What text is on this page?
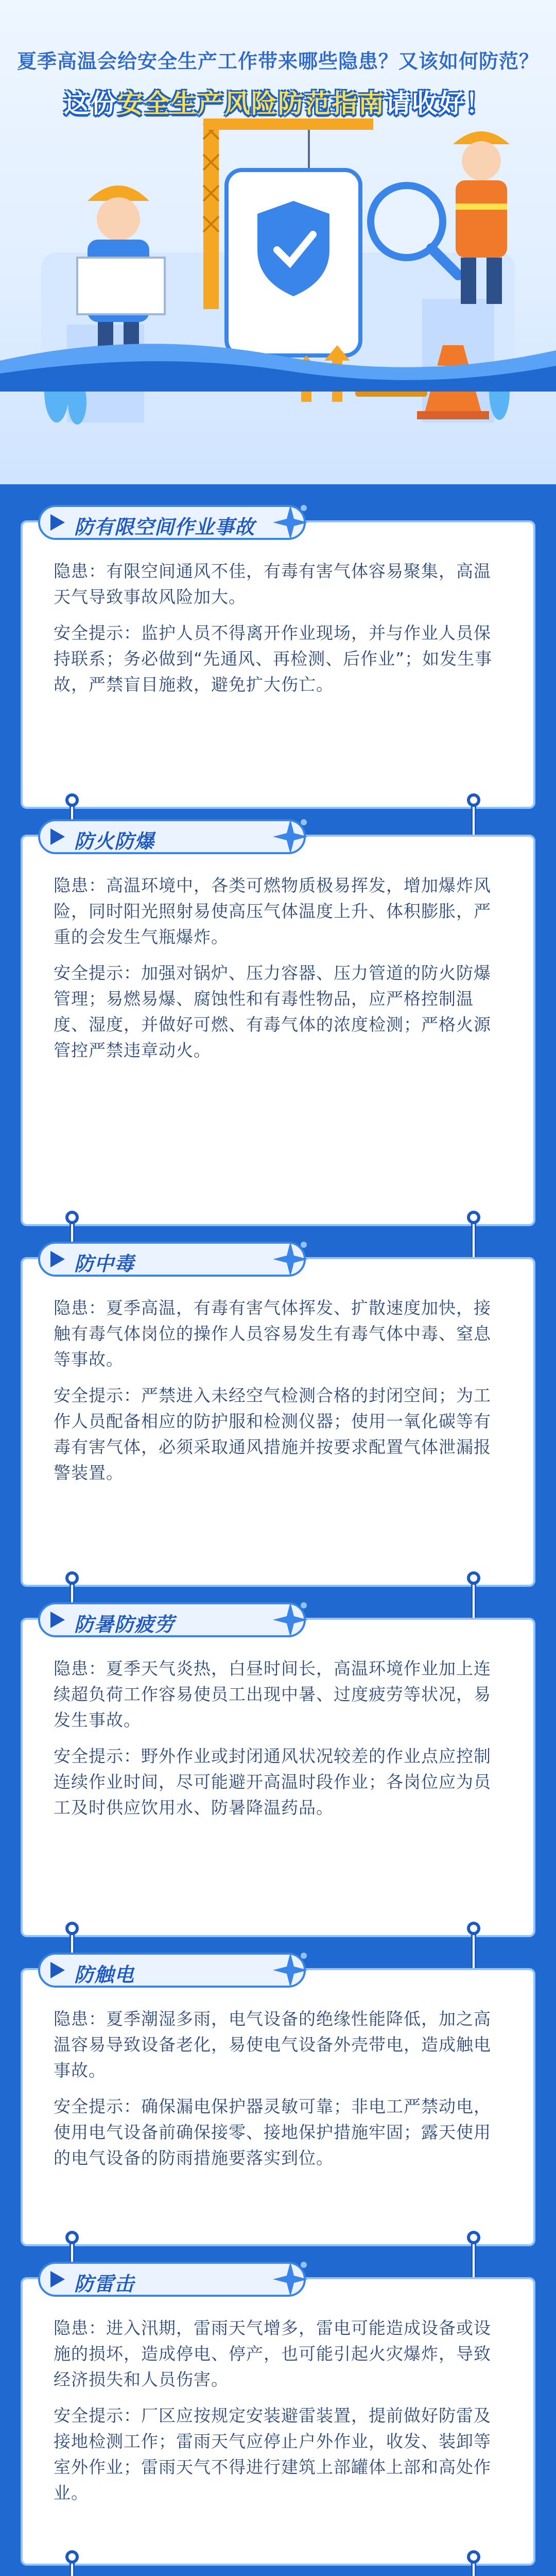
夏季高温会给安全生产工作带来哪些隐患？又该如何防范？
这份安全生产风险防范指南请收好！
防有限空间作业事故
隐患：有限空间通风不佳，有毒有害气体容易聚集，高温天气导致事故风险加大。
安全提示：监护人员不得离开作业现场，并与作业人员保持联系；务必做到“先通风、再检测、后作业”；如发生事故，严禁盲目施救，避免扩大伤亡。
防火防爆
隐患：高温环境中，各类可燃物质极易挥发，增加爆炸风险，同时阳光照射易使高压气体温度上升、体积膨胀，严重的会发生气瓶爆炸。
安全提示：加强对锅炉、压力容器、压力管道的防火防爆管理；易燃易爆、腐蚀性和有毒性物品，应严格控制温度、湿度，并做好可燃、有毒气体的浓度检测；严格火源管控严禁违章动火。
防中毒
隐患：夏季高温，有毒有害气体挥发、扩散速度加快，接触有毒气体岗位的操作人员容易发生有毒气体中毒、窒息等事故。
安全提示：严禁进入未经空气检测合格的封闭空间；为工作人员配备相应的防护服和检测仪器；使用一氧化碳等有毒有害气体，必须采取通风措施并按要求配置气体泄漏报警装置。
防暑防疲劳
隐患：夏季天气炎热，白昼时间长，高温环境作业加上连续超负荷工作容易使员工出现中暑、过度疲劳等状况，易发生事故。
安全提示：野外作业或封闭通风状况较差的作业点应控制连续作业时间，尽可能避开高温时段作业；各岗位应为员工及时供应饮用水、防暑降温药品。
防触电
隐患：夏季潮湿多雨，电气设备的绝缘性能降低，加之高温容易导致设备老化，易使电气设备外壳带电，造成触电事故。
安全提示：确保漏电保护器灵敏可靠；非电工严禁动电，使用电气设备前确保接零、接地保护措施牢固；露天使用的电气设备的防雨措施要落实到位。
防雷击
隐患：进入汛期，雷雨天气增多，雷电可能造成设备或设施的损坏，造成停电、停产，也可能引起火灾爆炸，导致经济损失和人员伤害。
安全提示：厂区应按规定安装避雷装置，提前做好防雷及接地检测工作；雷雨天气应停止户外作业，收发、装卸等室外作业；雷雨天气不得进行建筑上部罐体上部和高处作业。
